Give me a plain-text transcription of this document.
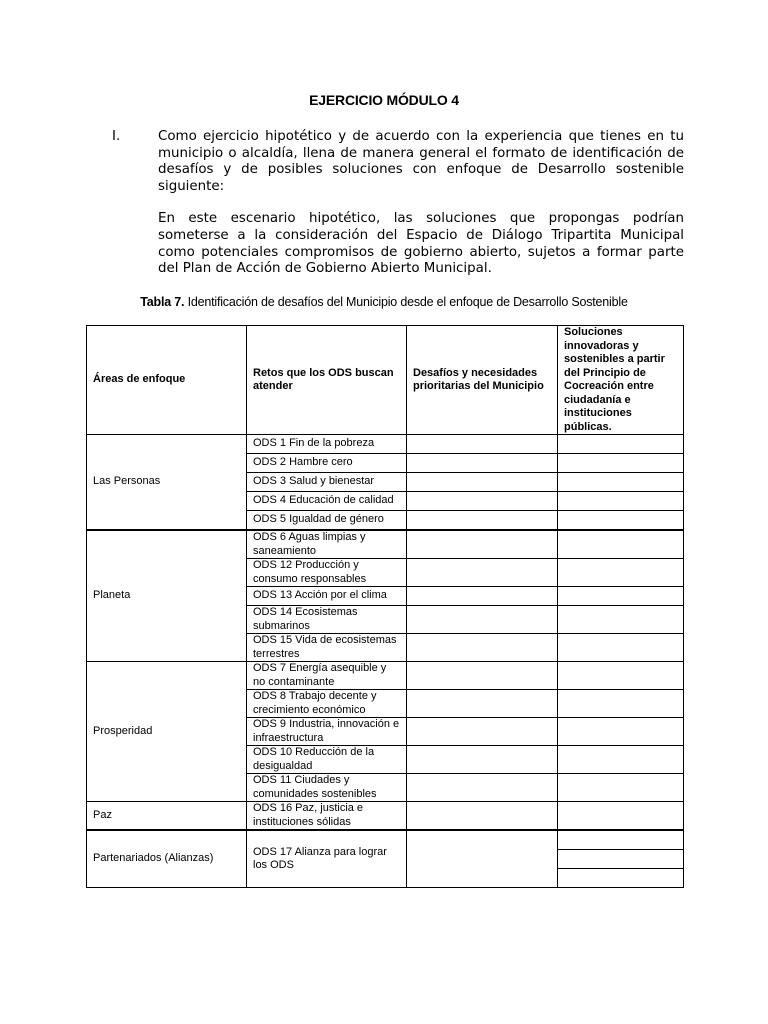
EJERCICIO MÓDULO 4
I.	Como ejercicio hipotético y de acuerdo con la experiencia que tienes en tu municipio o alcaldía, llena de manera general el formato de identificación de desafíos y de posibles soluciones con enfoque de Desarrollo sostenible siguiente:
En este escenario hipotético, las soluciones que propongas podrían someterse a la consideración del Espacio de Diálogo Tripartita Municipal como potenciales compromisos de gobierno abierto, sujetos a formar parte del Plan de Acción de Gobierno Abierto Municipal.
Tabla 7. Identificación de desafíos del Municipio desde el enfoque de Desarrollo Sostenible
Áreas de enfoque	Retos que los ODS buscan atender	Desafíos y necesidades prioritarias del Municipio	Soluciones innovadoras y sostenibles a partir del Principio de Cocreación entre ciudadanía e instituciones públicas.
Las Personas	ODS 1 Fin de la pobreza		
	ODS 2 Hambre cero		
	ODS 3 Salud y bienestar		
	ODS 4 Educación de calidad		
	ODS 5 Igualdad de género		
Planeta	ODS 6 Aguas limpias y saneamiento		
	ODS 12 Producción y consumo responsables		
	ODS 13 Acción por el clima		
	ODS 14 Ecosistemas submarinos		
	ODS 15 Vida de ecosistemas terrestres		
Prosperidad	ODS 7 Energía asequible y no contaminante		
	ODS 8 Trabajo decente y crecimiento económico		
	ODS 9 Industria, innovación e infraestructura		
	ODS 10 Reducción de la desigualdad		
	ODS 11 Ciudades y comunidades sostenibles		
Paz	ODS 16 Paz, justicia e instituciones sólidas		
Partenariados (Alianzas)	ODS 17 Alianza para lograr los ODS		
